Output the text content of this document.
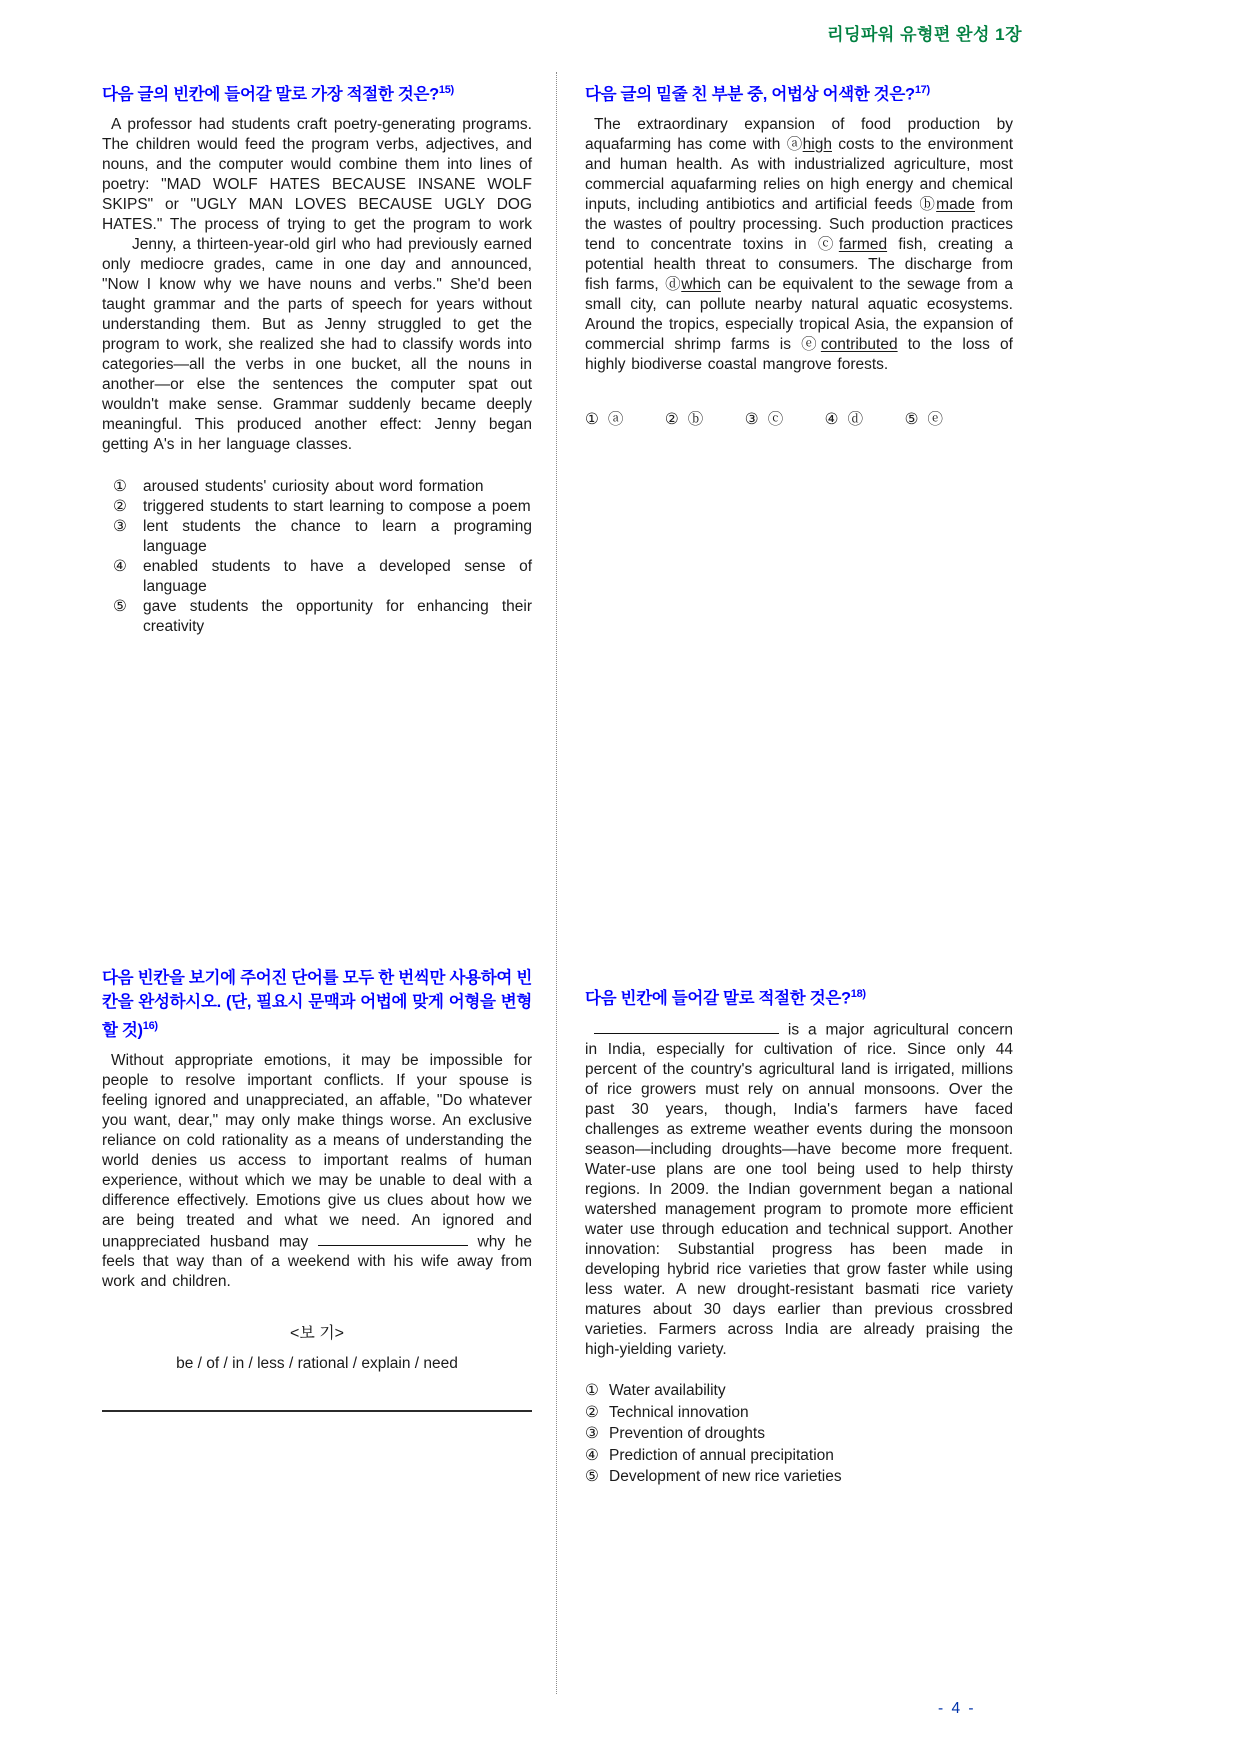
리딩파워 유형편 완성 1장
다음 글의 빈칸에 들어갈 말로 가장 적절한 것은?$^{15)}$

A professor had students craft poetry-generating programs. The children would feed the program verbs, adjectives, and nouns, and the computer would combine them into lines of poetry: "MAD WOLF HATES BECAUSE INSANE WOLF SKIPS" or "UGLY MAN LOVES BECAUSE UGLY DOG HATES." The process of trying to get the program to workJenny, a thirteen-year-old girl who had previously earned only mediocre grades, came in one day and announced, "Now I know why we have nouns and verbs." She'd been taught grammar and the parts of speech for years without understanding them. But as Jenny struggled to get the program to work, she realized she had to classify words into categories—all the verbs in one bucket, all the nouns in another—or else the sentences the computer spat out wouldn't make sense. Grammar suddenly became deeply meaningful. This produced another effect: Jenny began getting A's in her language classes.

①	aroused students' curiosity about word formation
②	triggered students to start learning to compose a poem
③	lent students the chance to learn a programing language
④	enabled students to have a developed sense of language
⑤	gave students the opportunity for enhancing their creativity
다음 빈칸을 보기에 주어진 단어를 모두 한 번씩만 사용하여 빈칸을 완성하시오. (단, 필요시 문맥과 어법에 맞게 어형을 변형할 것)$^{16)}$

Without appropriate emotions, it may be impossible for people to resolve important conflicts. If your spouse is feeling ignored and unappreciated, an affable, "Do whatever you want, dear," may only make things worse. An exclusive reliance on cold rationality as a means of understanding the world denies us access to important realms of human experience, without which we may be unable to deal with a difference effectively. Emotions give us clues about how we are being treated and what we need. An ignored and unappreciated husband may	why he feels that way than of a weekend with his wife away from work and children.

<보 기>
be / of / in / less / rational / explain / need
다음 글의 밑줄 친 부분 중, 어법상 어색한 것은?$^{17)}$

The extraordinary expansion of food production by aquafarming has come with ⓐhigh costs to the environment and human health. As with industrialized agriculture, most commercial aquafarming relies on high energy and chemical inputs, including antibiotics and artificial feeds ⓑmade from the wastes of poultry processing. Such production practices tend to concentrate toxins in ⓒfarmed fish, creating a potential health threat to consumers. The discharge from fish farms, ⓓwhich can be equivalent to the sewage from a small city, can pollute nearby natural aquatic ecosystems. Around the tropics, especially tropical Asia, the expansion of commercial shrimp farms is ⓔcontributed to the loss of highly biodiverse coastal mangrove forests.

① ⓐ	② ⓑ	③ ⓒ	④ ⓓ	⑤ ⓔ
다음 빈칸에 들어갈 말로 적절한 것은?$^{18)}$

is a major agricultural concern in India, especially for cultivation of rice. Since only 44 percent of the country's agricultural land is irrigated, millions of rice growers must rely on annual monsoons. Over the past 30 years, though, India's farmers have faced challenges as extreme weather events during the monsoon season—including droughts—have become more frequent. Water-use plans are one tool being used to help thirsty regions. In 2009. the Indian government began a national watershed management program to promote more efficient water use through education and technical support. Another innovation: Substantial progress has been made in developing hybrid rice varieties that grow faster while using less water. A new drought-resistant basmati rice variety matures about 30 days earlier than previous crossbred varieties. Farmers across India are already praising the high-yielding variety.

① Water availability
② Technical innovation
③ Prevention of droughts
④ Prediction of annual precipitation
⑤ Development of new rice varieties
- 4 -
